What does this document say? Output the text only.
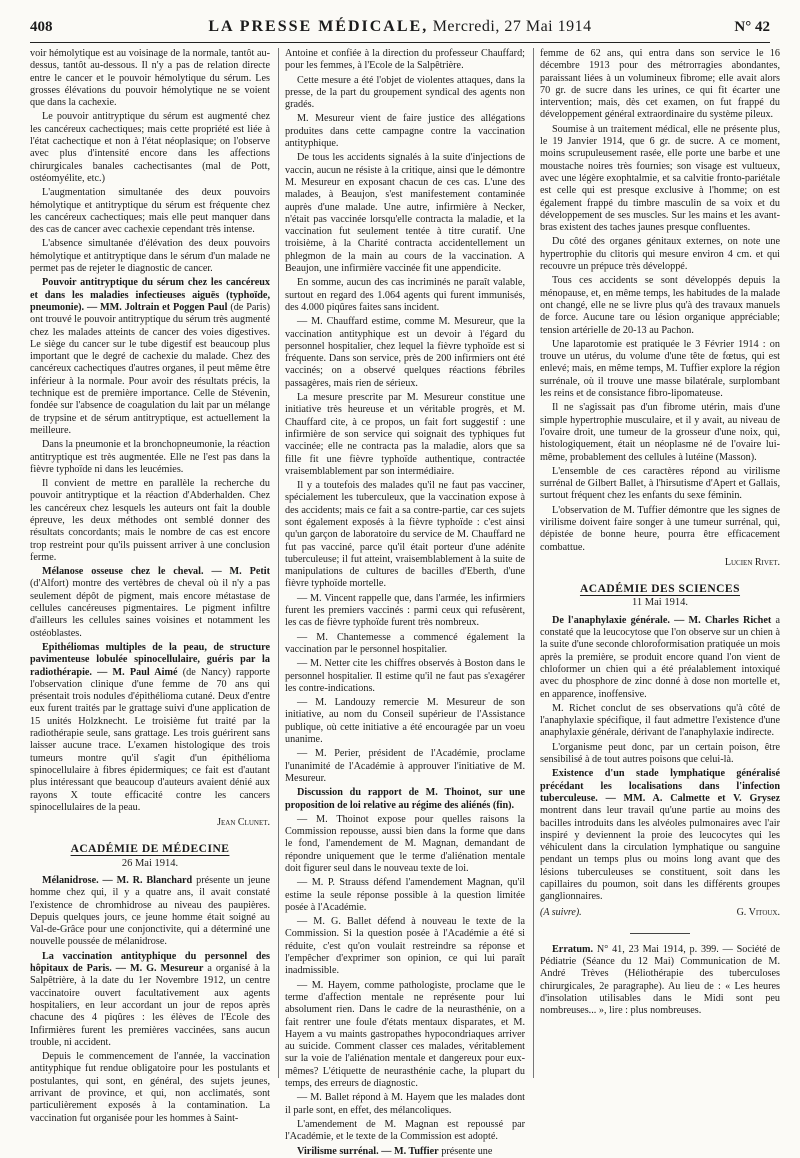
408	LA PRESSE MÉDICALE, Mercredi, 27 Mai 1914	N° 42

voir hémolytique est au voisinage de la normale, tantôt au-dessus, tantôt au-dessous. Il n'y a pas de relation directe entre le cancer et le pouvoir hémolytique du sérum. Les grosses élévations du pouvoir hémolytique ne se voient que dans la cachexie.

Le pouvoir antitryptique du sérum est augmenté chez les cancéreux cachectiques; mais cette propriété est liée à l'état cachectique et non à l'état néoplasique; on l'observe avec plus d'intensité encore dans les affections chirurgicales banales cachectisantes (mal de Pott, ostéomyélite, etc.)

L'augmentation simultanée des deux pouvoirs hémolytique et antitryptique du sérum est fréquente chez les cancéreux cachectiques; mais elle peut manquer dans des cas de cancer avec cachexie cependant très intense.

L'absence simultanée d'élévation des deux pouvoirs hémolytique et antitryptique dans le sérum d'un malade ne permet pas de rejeter le diagnostic de cancer.

Pouvoir antitryptique du sérum chez les cancéreux et dans les maladies infectieuses aiguës (typhoïde, pneumonie). — MM. Joltrain et Poggen Paul (de Paris) ont trouvé le pouvoir antitryptique du sérum très augmenté chez les malades atteints de cancer des voies digestives. Le siège du cancer sur le tube digestif est beaucoup plus important que le degré de cachexie du malade. Chez des cancéreux cachectiques d'autres organes, il peut même être inférieur à la normale. Pour avoir des résultats précis, la technique est de première importance. Celle de Stévenin, fondée sur l'absence de coagulation du lait par un mélange de trypsine et de sérum antitryptique, est actuellement la meilleure.

Dans la pneumonie et la bronchopneumonie, la réaction antitryptique est très augmentée. Elle ne l'est pas dans la fièvre typhoïde ni dans les leucémies.

Il convient de mettre en parallèle la recherche du pouvoir antitryptique et la réaction d'Abderhalden. Chez les cancéreux chez lesquels les auteurs ont fait la double épreuve, les deux méthodes ont semblé donner des résultats concordants; mais le nombre de cas est encore trop restreint pour qu'ils puissent arriver à une conclusion ferme.

Mélanose osseuse chez le cheval. — M. Petit (d'Alfort) montre des vertèbres de cheval où il n'y a pas seulement dépôt de pigment, mais encore métastase de cellules cancéreuses pigmentaires. Le pigment infiltre d'ailleurs les cellules saines voisines et notamment les ostéoblastes.

Epithéliomas multiples de la peau, de structure pavimenteuse lobulée spinocellulaire, guéris par la radiothérapie. — M. Paul Aimé (de Nancy) rapporte l'observation clinique d'une femme de 70 ans qui présentait trois nodules d'épithélioma cutané. Deux d'entre eux furent traités par le grattage suivi d'une application de 15 unités Holzknecht. Le troisième fut traité par la radiothérapie seule, sans grattage. Les trois guérirent sans laisser aucune trace. L'examen histologique des trois tumeurs montre qu'il s'agit d'un épithélioma spinocellulaire à fibres épidermiques; ce fait est d'autant plus intéressant que beaucoup d'auteurs avaient dénié aux rayons X toute efficacité contre les cancers spinocellulaires de la peau.

Jean Clunet.
ACADÉMIE DE MÉDECINE
26 Mai 1914.

Mélanidrose. — M. R. Blanchard présente un jeune homme chez qui, il y a quatre ans, il avait constaté l'existence de chromhidrose au niveau des paupières. Depuis quelques jours, ce jeune homme était soigné au Val-de-Grâce pour une conjonctivite, qui a déterminé une nouvelle poussée de mélanidrose.

La vaccination antityphique du personnel des hôpitaux de Paris. — M. G. Mesureur a organisé à la Salpêtrière, à la date du 1er Novembre 1912, un centre vaccinatoire ouvert facultativement aux agents hospitaliers, en leur accordant un jour de repos après chacune des 4 piqûres : les élèves de l'Ecole des Infirmières furent les premières vaccinées, sans aucun trouble, ni accident.

Depuis le commencement de l'année, la vaccination antityphique fut rendue obligatoire pour les postulants et postulantes, qui sont, en général, des sujets jeunes, arrivant de province, et qui, non acclimatés, sont particulièrement exposés à la contamination. La vaccination fut organisée pour les hommes à Saint-

Antoine et confiée à la direction du professeur Chauffard; pour les femmes, à l'Ecole de la Salpêtrière.

Cette mesure a été l'objet de violentes attaques, dans la presse, de la part du groupement syndical des agents non gradés.

M. Mesureur vient de faire justice des allégations produites dans cette campagne contre la vaccination antityphique.

De tous les accidents signalés à la suite d'injections de vaccin, aucun ne résiste à la critique, ainsi que le démontre M. Mesureur en exposant chacun de ces cas. L'une des malades, à Beaujon, s'est manifestement contaminée auprès d'une malade. Une autre, infirmière à Necker, n'était pas vaccinée lorsqu'elle contracta la maladie, et la vaccination fut seulement tentée à titre curatif. Une troisième, à la Charité contracta accidentellement un phlegmon de la main au cours de la vaccination. A Beaujon, une infirmière vaccinée fit une appendicite.

En somme, aucun des cas incriminés ne paraît valable, surtout en regard des 1.064 agents qui furent immunisés, des 4.000 piqûres faites sans incident.

— M. Chauffard estime, comme M. Mesureur, que la vaccination antityphique est un devoir à l'égard du personnel hospitalier, chez lequel la fièvre typhoïde est si fréquente. Dans son service, près de 200 infirmiers ont été vaccinés; on a observé quelques réactions fébriles passagères, mais rien de sérieux.

La mesure prescrite par M. Mesureur constitue une initiative très heureuse et un véritable progrès, et M. Chauffard cite, à ce propos, un fait fort suggestif : une infirmière de son service qui soignait des typhiques fut vaccinée; elle ne contracta pas la maladie, alors que sa fille fit une fièvre typhoïde authentique, contractée vraisemblablement par son intermédiaire.

Il y a toutefois des malades qu'il ne faut pas vacciner, spécialement les tuberculeux, que la vaccination expose à des accidents; mais ce fait a sa contre-partie, car ces sujets sont également exposés à la fièvre typhoïde : c'est ainsi qu'un garçon de laboratoire du service de M. Chauffard ne fut pas vacciné, parce qu'il était porteur d'une adénite tuberculeuse; il fut atteint, vraisemblablement à la suite de manipulations de cultures de bacilles d'Eberth, d'une fièvre typhoïde mortelle.

— M. Vincent rappelle que, dans l'armée, les infirmiers furent les premiers vaccinés : parmi ceux qui refusèrent, les cas de fièvre typhoïde furent très nombreux.

— M. Chantemesse a commencé également la vaccination par le personnel hospitalier.

— M. Netter cite les chiffres observés à Boston dans le personnel hospitalier. Il estime qu'il ne faut pas s'exagérer les contre-indications.

— M. Landouzy remercie M. Mesureur de son initiative, au nom du Conseil supérieur de l'Assistance publique, où cette initiative a été encouragée par un voeu unanime.

— M. Perier, président de l'Académie, proclame l'unanimité de l'Académie à approuver l'initiative de M. Mesureur.

Discussion du rapport de M. Thoinot, sur une proposition de loi relative au régime des aliénés (fin).

— M. Thoinot expose pour quelles raisons la Commission repousse, aussi bien dans la forme que dans le fond, l'amendement de M. Magnan, demandant de répondre uniquement que le terme d'aliénation mentale doit figurer seul dans le nouveau texte de loi.

— M. P. Strauss défend l'amendement Magnan, qu'il estime la seule réponse possible à la question limitée posée à l'Académie.

— M. G. Ballet défend à nouveau le texte de la Commission. Si la question posée à l'Académie a été si réduite, c'est qu'on voulait restreindre sa réponse et l'empêcher d'exprimer son opinion, ce qui lui paraît inadmissible.

— M. Hayem, comme pathologiste, proclame que le terme d'affection mentale ne représente pour lui absolument rien. Dans le cadre de la neurasthénie, on a fait rentrer une foule d'états mentaux disparates, et M. Hayem a vu maints gastropathes hypocondriaques arriver au suicide. Comment classer ces malades, véritablement sur la voie de l'aliénation mentale et dangereux pour eux-mêmes? L'étiquette de neurasthénie cache, la plupart du temps, des erreurs de diagnostic.

— M. Ballet répond à M. Hayem que les malades dont il parle sont, en effet, des mélancoliques.

L'amendement de M. Magnan est repoussé par l'Académie, et le texte de la Commission est adopté.

Virilisme surrénal. — M. Tuffier présente une

femme de 62 ans, qui entra dans son service le 16 décembre 1913 pour des métrorragies abondantes, paraissant liées à un volumineux fibrome; elle avait alors 70 gr. de sucre dans les urines, ce qui fit écarter une intervention; mais, dès cet examen, on fut frappé du développement général extraordinaire du système pileux.

Soumise à un traitement médical, elle ne présente plus, le 19 Janvier 1914, que 6 gr. de sucre. A ce moment, moins scrupuleusement rasée, elle porte une barbe et une moustache noires très fournies; son visage est vultueux, avec une légère exophtalmie, et sa calvitie fronto-pariétale est celle qui est presque exclusive à l'homme; on est également frappé du timbre masculin de sa voix et du développement de ses muscles. Sur les mains et les avant-bras existent des taches jaunes presque confluentes.

Du côté des organes génitaux externes, on note une hypertrophie du clitoris qui mesure environ 4 cm. et qui recouvre un prépuce très développé.

Tous ces accidents se sont développés depuis la ménopause, et, en même temps, les habitudes de la malade ont changé, elle ne se livre plus qu'à des travaux manuels de force. Aucune tare ou lésion organique appréciable; tension artérielle de 20-13 au Pachon.

Une laparotomie est pratiquée le 3 Février 1914 : on trouve un utérus, du volume d'une tête de fœtus, qui est enlevé; mais, en même temps, M. Tuffier explore la région surrénale, où il trouve une masse bilatérale, surplombant les reins et de consistance fibro-lipomateuse.

Il ne s'agissait pas d'un fibrome utérin, mais d'une simple hypertrophie musculaire, et il y avait, au niveau de l'ovaire droit, une tumeur de la grosseur d'une noix, qui, histologiquement, était un néoplasme né de l'ovaire lui-même, probablement des cellules à lutéine (Masson).

L'ensemble de ces caractères répond au virilisme surrénal de Gilbert Ballet, à l'hirsutisme d'Apert et Gallais, surtout fréquent chez les enfants du sexe féminin.

L'observation de M. Tuffier démontre que les signes de virilisme doivent faire songer à une tumeur surrénal, qui, dépistée de bonne heure, pourra être efficacement combattue.

Lucien Rivet.
ACADÉMIE DES SCIENCES
11 Mai 1914.

De l'anaphylaxie générale. — M. Charles Richet a constaté que la leucocytose que l'on observe sur un chien à la suite d'une seconde chloroformisation pratiquée un mois après la première, se produit encore quand l'on vient de chloformer un chien qui a été préalablement intoxiqué avec du phosphore de zinc donné à dose non mortelle et, en apparence, inoffensive.

M. Richet conclut de ses observations qu'à côté de l'anaphylaxie spécifique, il faut admettre l'existence d'une anaphylaxie générale, dérivant de l'anaphylaxie indirecte.

L'organisme peut donc, par un certain poison, être sensibilisé à de tout autres poisons que celui-là.

Existence d'un stade lymphatique généralisé précédant les localisations dans l'infection tuberculeuse. — MM. A. Calmette et V. Grysez montrent dans leur travail qu'une partie au moins des bacilles introduits dans les alvéoles pulmonaires avec l'air inspiré y deviennent la proie des leucocytes qui les véhiculent dans la circulation lymphatique ou sanguine pendant un temps plus ou moins long avant que des lésions tuberculeuses se constituent, soit dans les capillaires du poumon, soit dans les différents groupes ganglionnaires.

(A suivre).	G. Vitoux.

Erratum. N° 41, 23 Mai 1914, p. 399. — Société de Pédiatrie (Séance du 12 Mai) Communication de M. André Trèves (Héliothérapie des tuberculoses chirurgicales, 2e paragraphe). Au lieu de : « Les heures d'insolation utilisables dans le Midi sont peu nombreuses... », lire : plus nombreuses.
